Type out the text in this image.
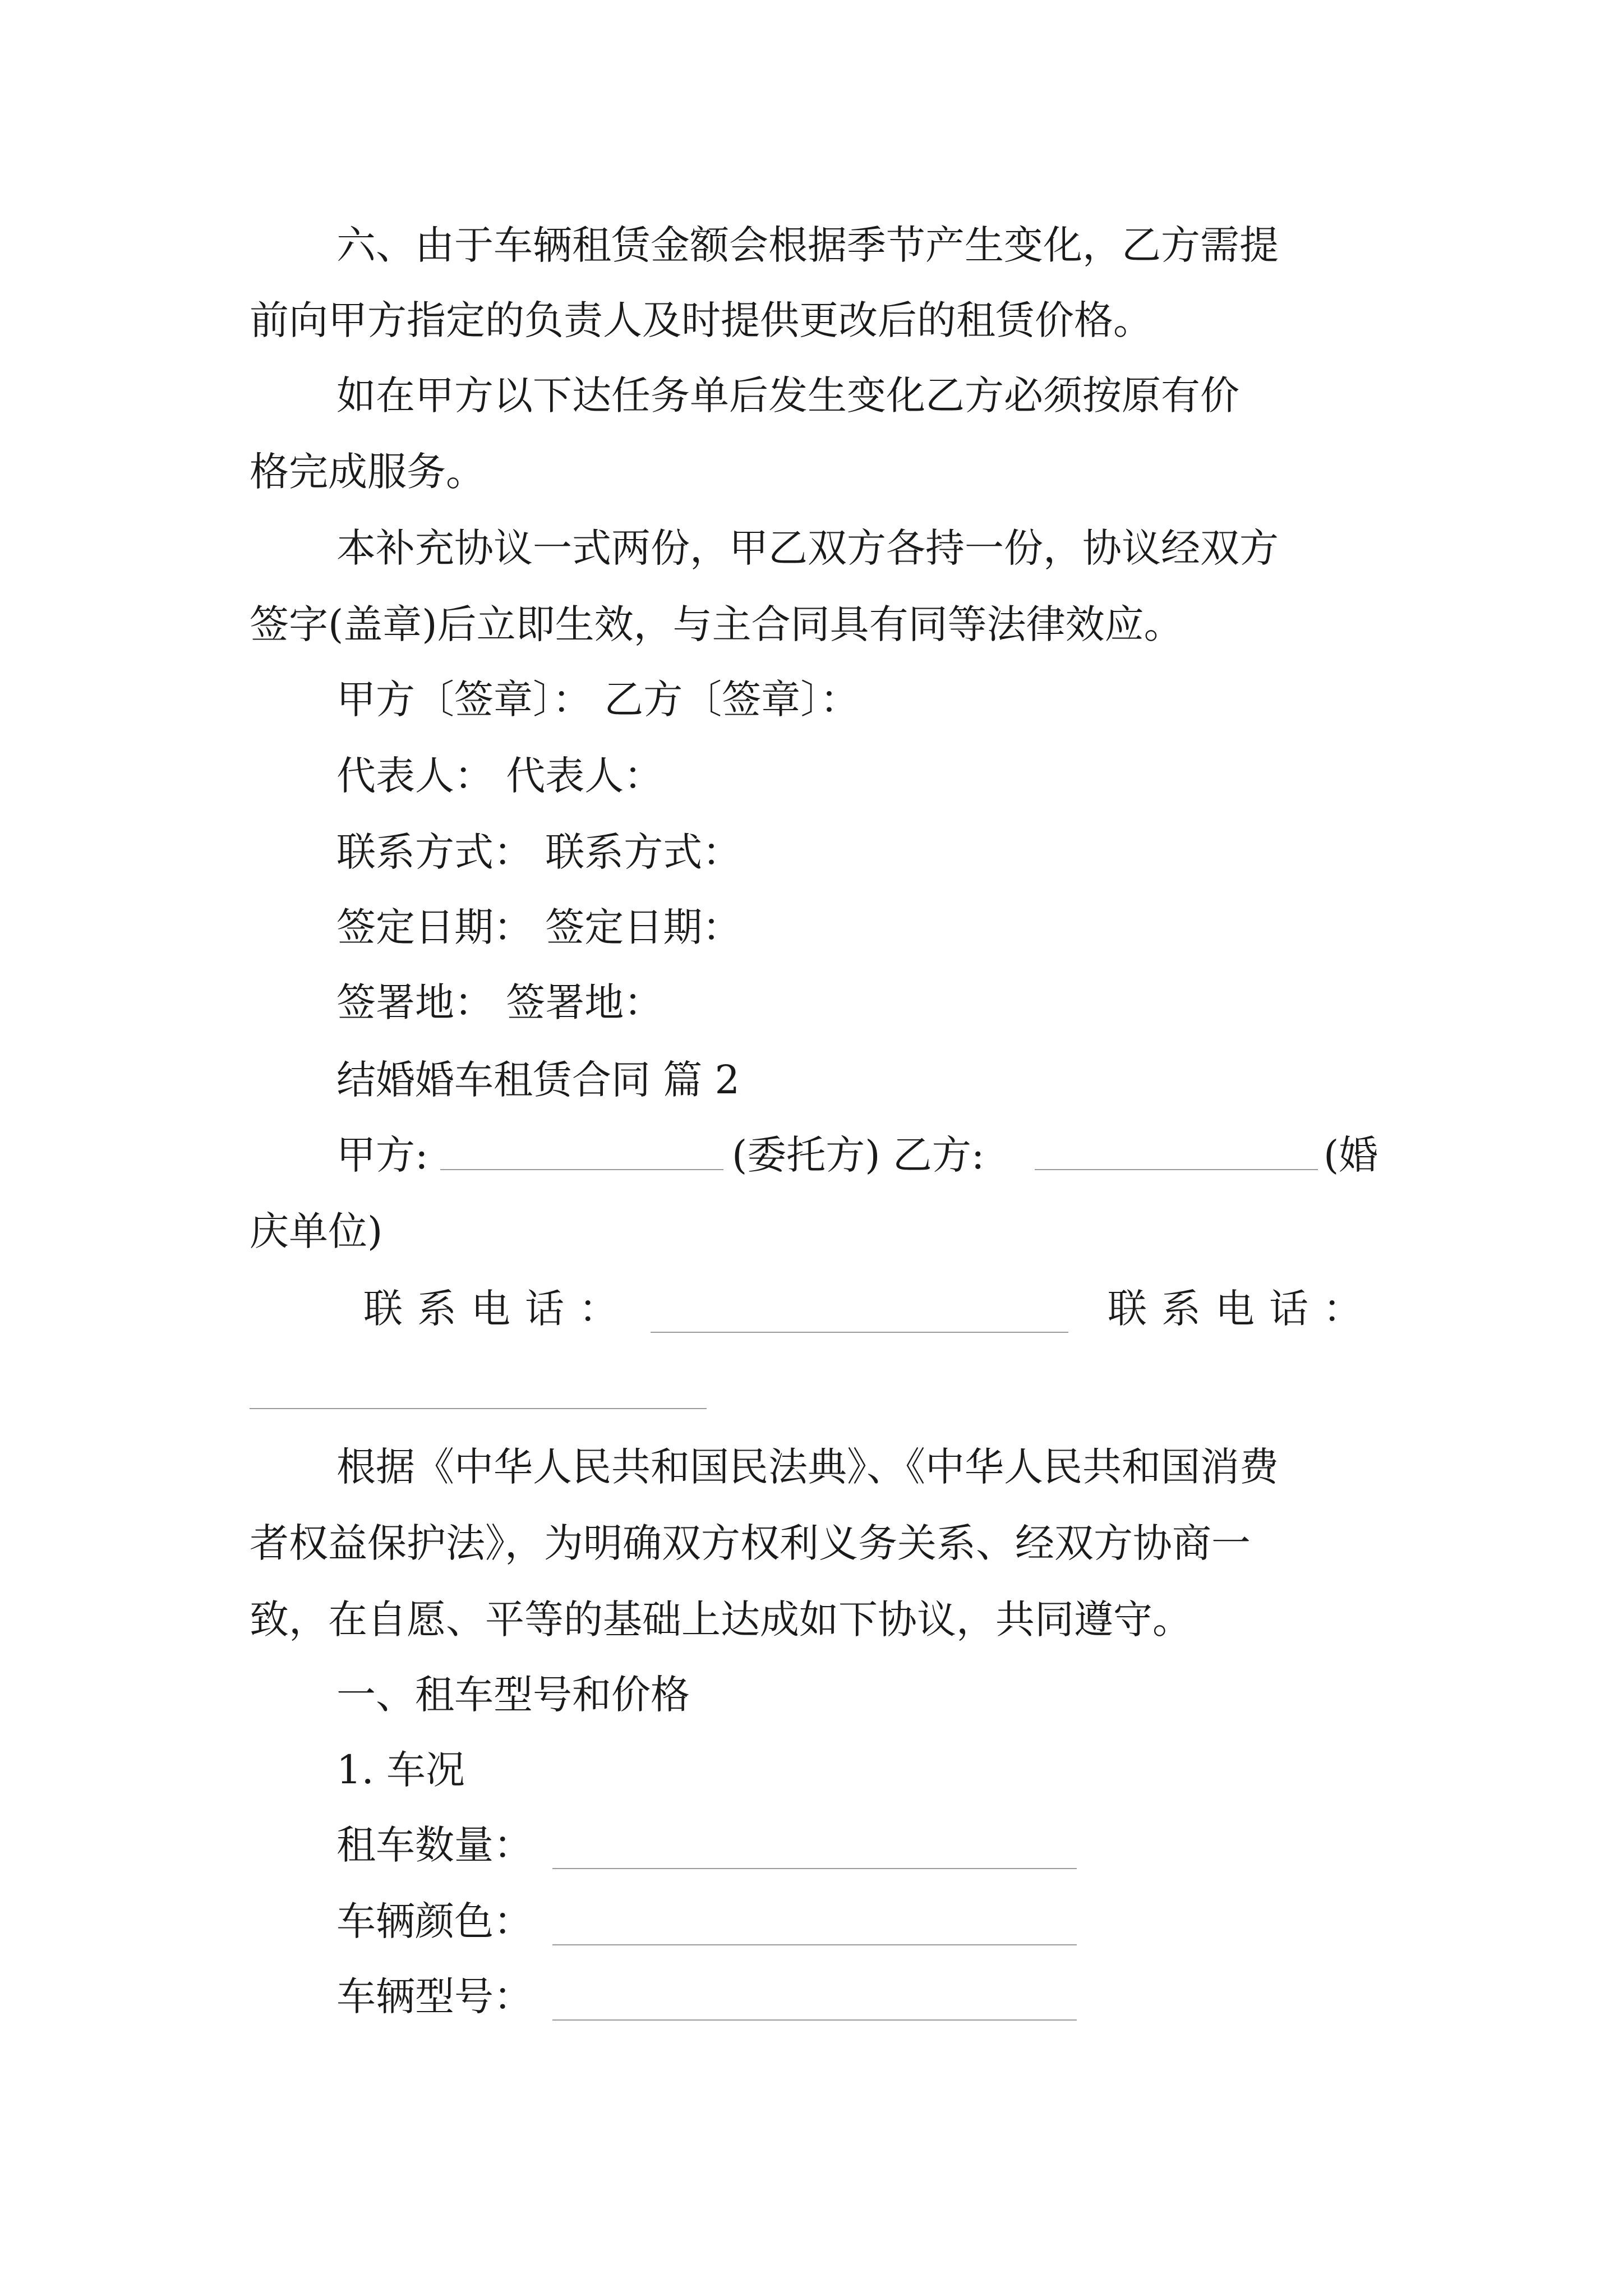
六、由于车辆租赁金额会根据季节产生变化，乙方需提
前向甲方指定的负责人及时提供更改后的租赁价格。
如在甲方以下达任务单后发生变化乙方必须按原有价
格完成服务。
本补充协议一式两份，甲乙双方各持一份，协议经双方
签字(盖章)后立即生效，与主合同具有同等法律效应。
甲方〔签章〕： 乙方〔签章〕：
代表人： 代表人：
联系方式： 联系方式：
签定日期： 签定日期：
签署地： 签署地：
结婚婚车租赁合同 篇 2
甲方:	(委托方) 乙方:	(婚
庆单位)
联系电话：	联系电话：
根据《中华人民共和国民法典》、《中华人民共和国消费
者权益保护法》，为明确双方权利义务关系、经双方协商一
致，在自愿、平等的基础上达成如下协议，共同遵守。
一、租车型号和价格
1. 车况
租车数量：
车辆颜色：
车辆型号：
